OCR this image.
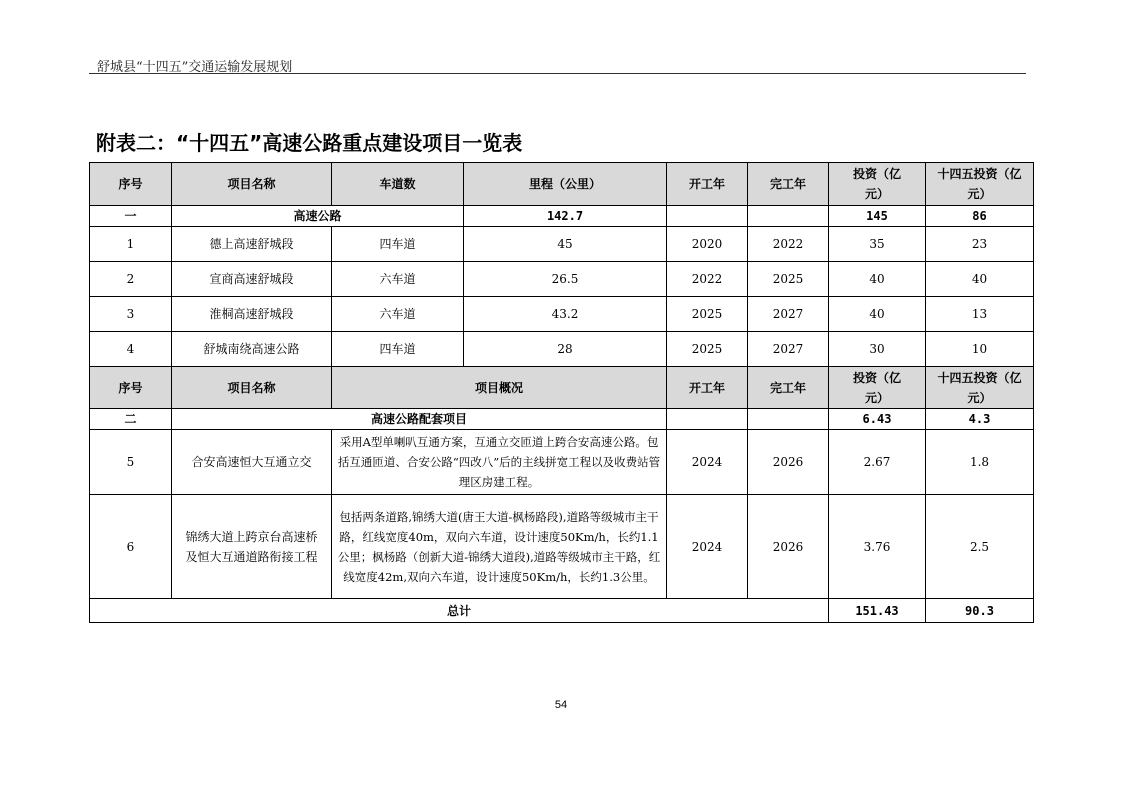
舒城县“十四五”交通运输发展规划
附表二：“十四五”高速公路重点建设项目一览表
序号	项目名称	车道数	里程（公里）	开工年	完工年	投资（亿元）	十四五投资（亿元）
一	高速公路		142.7			145	86
1	德上高速舒城段	四车道	45	2020	2022	35	23
2	宣商高速舒城段	六车道	26.5	2022	2025	40	40
3	淮桐高速舒城段	六车道	43.2	2025	2027	40	13
4	舒城南绕高速公路	四车道	28	2025	2027	30	10
序号	项目名称	项目概况		开工年	完工年	投资（亿元）	十四五投资（亿元）
二	高速公路配套项目					6.43	4.3
5	合安高速恒大互通立交	采用A型单喇叭互通方案，互通立交匝道上跨合安高速公路。包括互通匝道、合安公路“四改八”后的主线拼宽工程以及收费站管理区房建工程。		2024	2026	2.67	1.8
6	锦绣大道上跨京台高速桥及恒大互通道路衔接工程	包括两条道路,锦绣大道(唐王大道-枫杨路段),道路等级城市主干路，红线宽度40m，双向六车道，设计速度50Km/h，长约1.1公里；枫杨路（创新大道-锦绣大道段),道路等级城市主干路，红线宽度42m,双向六车道，设计速度50Km/h，长约1.3公里。		2024	2026	3.76	2.5
总计						151.43	90.3
54
